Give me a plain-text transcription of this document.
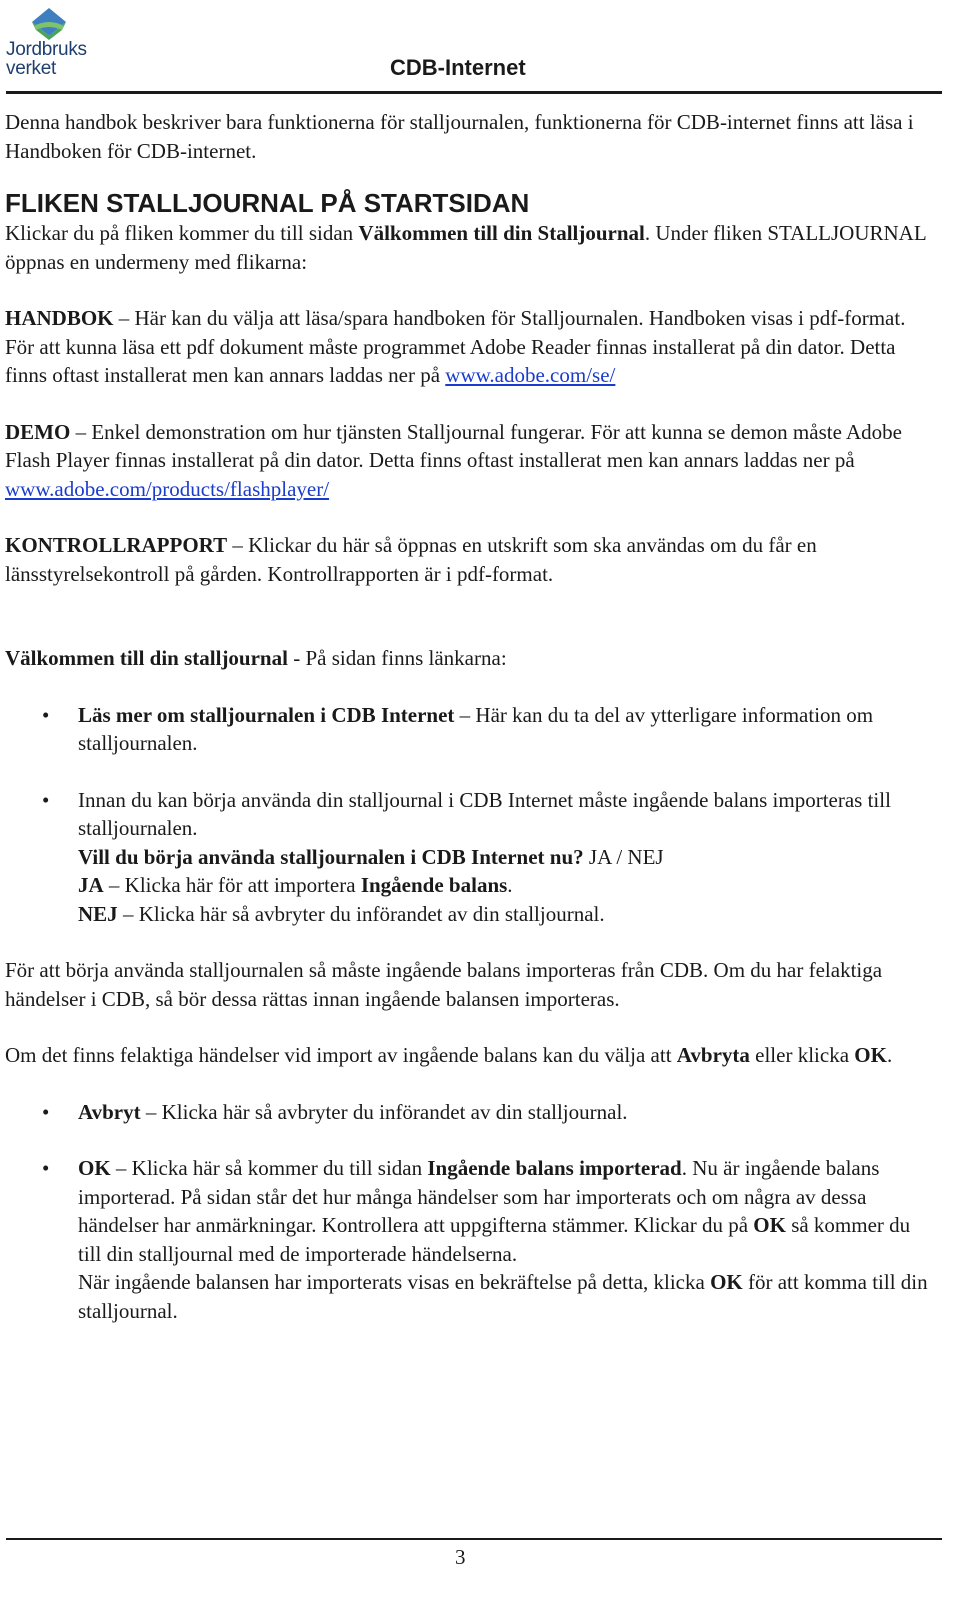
Jordbruks
verket	CDB-Internet

Denna handbok beskriver bara funktionerna för stalljournalen, funktionerna för CDB-internet finns att läsa i Handboken för CDB-internet.

FLIKEN STALLJOURNAL PÅ STARTSIDAN

Klickar du på fliken kommer du till sidan Välkommen till din Stalljournal. Under fliken STALLJOURNAL öppnas en undermeny med flikarna:

HANDBOK – Här kan du välja att läsa/spara handboken för Stalljournalen. Handboken visas i pdf-format. För att kunna läsa ett pdf dokument måste programmet Adobe Reader finnas installerat på din dator. Detta finns oftast installerat men kan annars laddas ner på www.adobe.com/se/

DEMO – Enkel demonstration om hur tjänsten Stalljournal fungerar. För att kunna se demon måste Adobe Flash Player finnas installerat på din dator. Detta finns oftast installerat men kan annars laddas ner på www.adobe.com/products/flashplayer/

KONTROLLRAPPORT – Klickar du här så öppnas en utskrift som ska användas om du får en länsstyrelsekontroll på gården. Kontrollrapporten är i pdf-format.

Välkommen till din stalljournal - På sidan finns länkarna:

• Läs mer om stalljournalen i CDB Internet – Här kan du ta del av ytterligare information om stalljournalen.
• Innan du kan börja använda din stalljournal i CDB Internet måste ingående balans importeras till stalljournalen.
Vill du börja använda stalljournalen i CDB Internet nu? JA / NEJ
JA – Klicka här för att importera Ingående balans.
NEJ – Klicka här så avbryter du införandet av din stalljournal.

För att börja använda stalljournalen så måste ingående balans importeras från CDB. Om du har felaktiga händelser i CDB, så bör dessa rättas innan ingående balansen importeras.

Om det finns felaktiga händelser vid import av ingående balans kan du välja att Avbryta eller klicka OK.

• Avbryt – Klicka här så avbryter du införandet av din stalljournal.
• OK – Klicka här så kommer du till sidan Ingående balans importerad. Nu är ingående balans importerad. På sidan står det hur många händelser som har importerats och om några av dessa händelser har anmärkningar. Kontrollera att uppgifterna stämmer. Klickar du på OK så kommer du till din stalljournal med de importerade händelserna.
När ingående balansen har importerats visas en bekräftelse på detta, klicka OK för att komma till din stalljournal.
3
